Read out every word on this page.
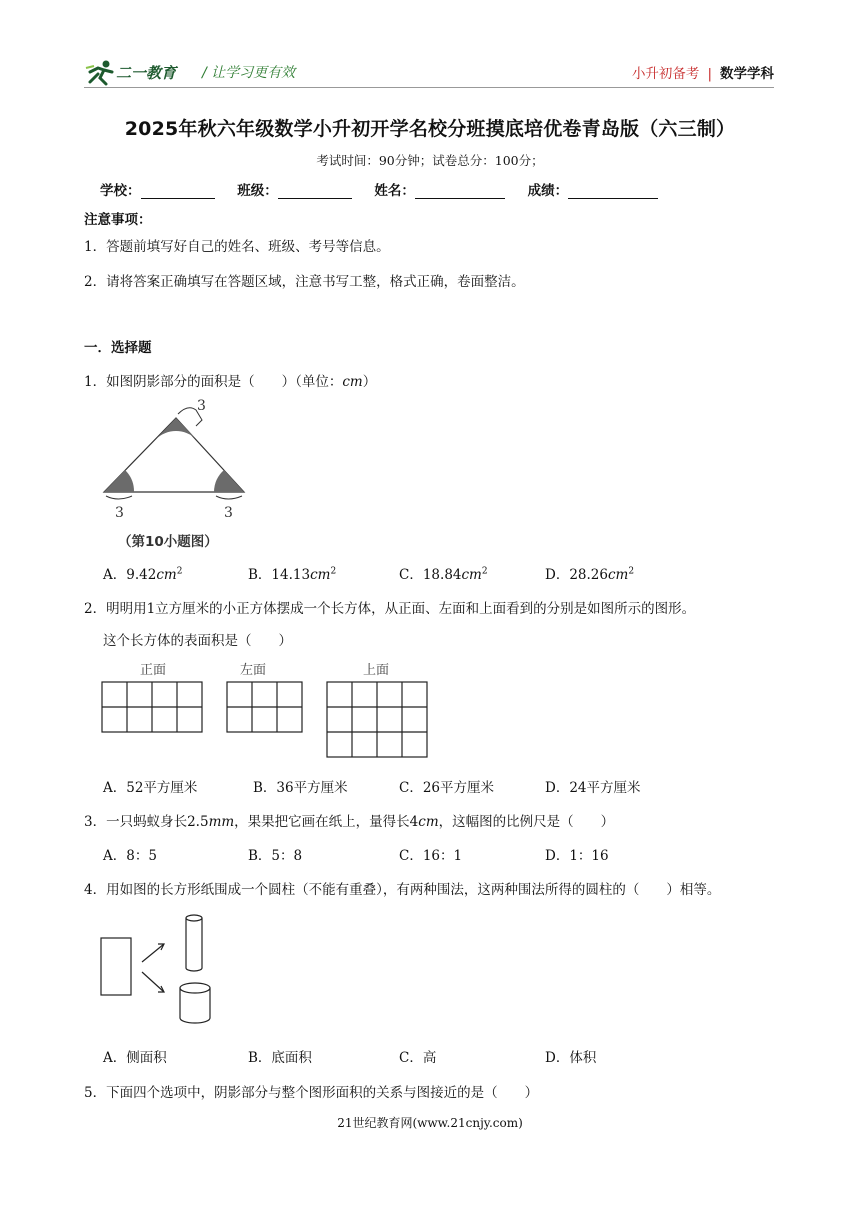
二一教育 / 让学习更有效	小升初备考 | 数学学科
2025年秋六年级数学小升初开学名校分班摸底培优卷青岛版（六三制）
考试时间：90分钟；试卷总分：100分；
学校：	班级：	姓名：	成绩：
注意事项：
1．答题前填写好自己的姓名、班级、考号等信息。
2．请将答案正确填写在答题区域，注意书写工整，格式正确，卷面整洁。
一．选择题
1．如图阴影部分的面积是（　　）（单位：cm）
3
3	3
（第10小题图）
A．$9.42cm^2$	B．$14.13cm^2$	C．$18.84cm^2$	D．$28.26cm^2$
2．明明用1立方厘米的小正方体摆成一个长方体，从正面、左面和上面看到的分别是如图所示的图形。
这个长方体的表面积是（　　）
正面	左面	上面
A．52平方厘米	B．36平方厘米	C．26平方厘米	D．24平方厘米
3．一只蚂蚁身长2.5mm，果果把它画在纸上，量得长4cm，这幅图的比例尺是（　　）
A．8：5	B．5：8	C．16：1	D．1：16
4．用如图的长方形纸围成一个圆柱（不能有重叠），有两种围法，这两种围法所得的圆柱的（　　）相等。
A．侧面积	B．底面积	C．高	D．体积
5．下面四个选项中，阴影部分与整个图形面积的关系与图接近的是（　　）
21世纪教育网(www.21cnjy.com)
